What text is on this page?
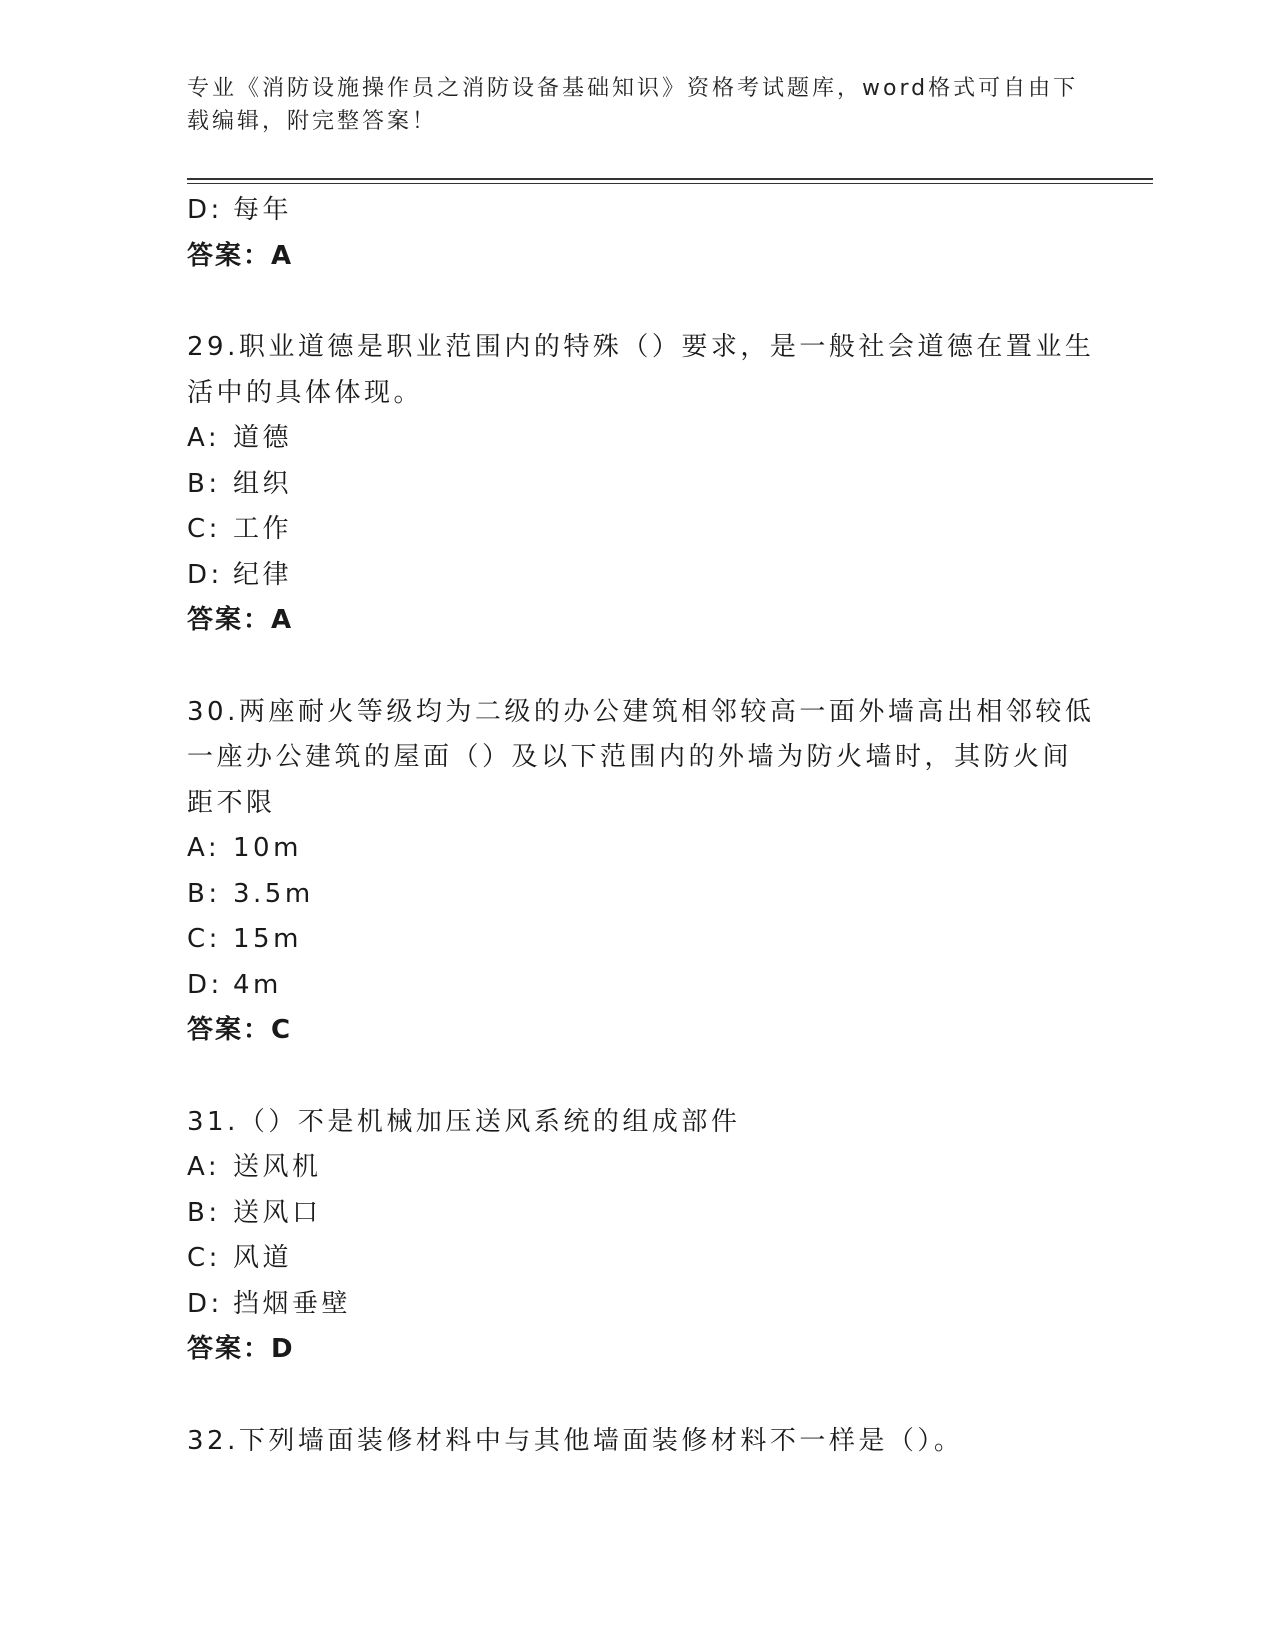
专业《消防设施操作员之消防设备基础知识》资格考试题库，word格式可自由下
载编辑，附完整答案！
D: 每年
答案：A
29.职业道德是职业范围内的特殊（）要求，是一般社会道德在置业生
活中的具体体现。
A: 道德
B: 组织
C: 工作
D: 纪律
答案：A
30.两座耐火等级均为二级的办公建筑相邻较高一面外墙高出相邻较低
一座办公建筑的屋面（）及以下范围内的外墙为防火墙时，其防火间
距不限
A: 10m
B: 3.5m
C: 15m
D: 4m
答案：C
31.（）不是机械加压送风系统的组成部件
A: 送风机
B: 送风口
C: 风道
D: 挡烟垂壁
答案：D
32.下列墙面装修材料中与其他墙面装修材料不一样是（）。
